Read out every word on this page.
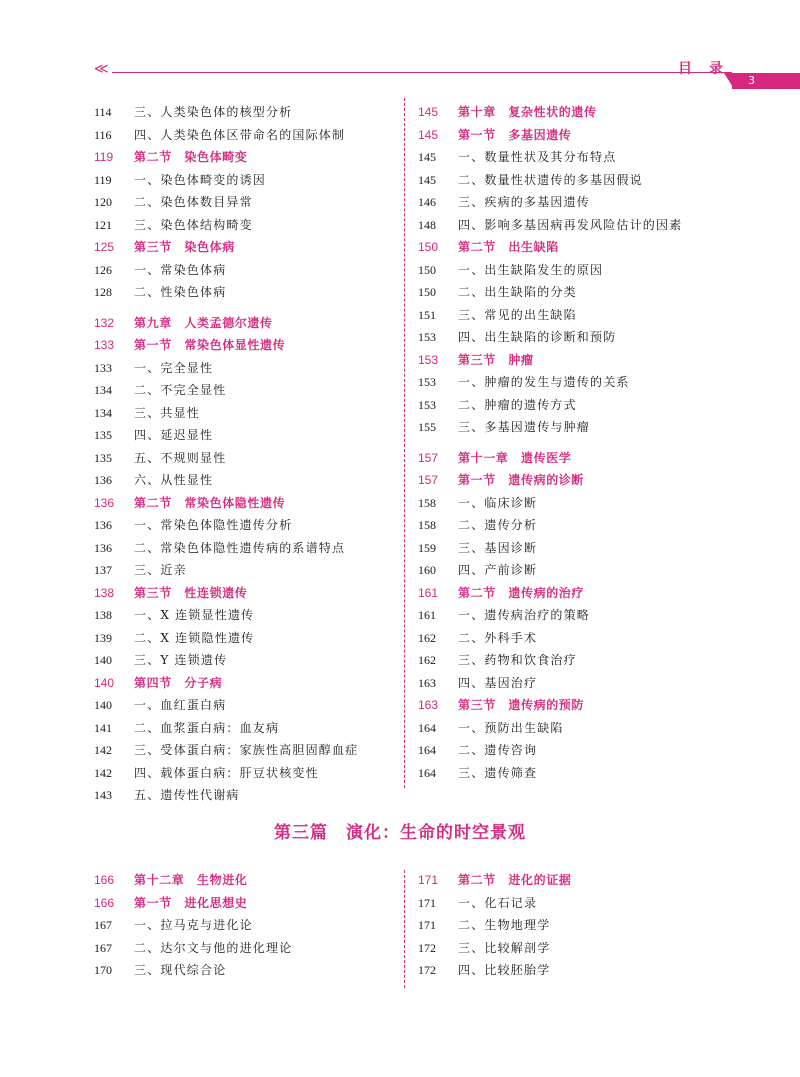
≪	目 录
3
114	三、人类染色体的核型分析
116	四、人类染色体区带命名的国际体制
119	第二节　染色体畸变
119	一、染色体畸变的诱因
120	二、染色体数目异常
121	三、染色体结构畸变
125	第三节　染色体病
126	一、常染色体病
128	二、性染色体病
132	第九章　人类孟德尔遗传
133	第一节　常染色体显性遗传
133	一、完全显性
134	二、不完全显性
134	三、共显性
135	四、延迟显性
135	五、不规则显性
136	六、从性显性
136	第二节　常染色体隐性遗传
136	一、常染色体隐性遗传分析
136	二、常染色体隐性遗传病的系谱特点
137	三、近亲
138	第三节　性连锁遗传
138	一、X 连锁显性遗传
139	二、X 连锁隐性遗传
140	三、Y 连锁遗传
140	第四节　分子病
140	一、血红蛋白病
141	二、血浆蛋白病：血友病
142	三、受体蛋白病：家族性高胆固醇血症
142	四、载体蛋白病：肝豆状核变性
143	五、遗传性代谢病
145	第十章　复杂性状的遗传
145	第一节　多基因遗传
145	一、数量性状及其分布特点
145	二、数量性状遗传的多基因假说
146	三、疾病的多基因遗传
148	四、影响多基因病再发风险估计的因素
150	第二节　出生缺陷
150	一、出生缺陷发生的原因
150	二、出生缺陷的分类
151	三、常见的出生缺陷
153	四、出生缺陷的诊断和预防
153	第三节　肿瘤
153	一、肿瘤的发生与遗传的关系
153	二、肿瘤的遗传方式
155	三、多基因遗传与肿瘤
157	第十一章　遗传医学
157	第一节　遗传病的诊断
158	一、临床诊断
158	二、遗传分析
159	三、基因诊断
160	四、产前诊断
161	第二节　遗传病的治疗
161	一、遗传病治疗的策略
162	二、外科手术
162	三、药物和饮食治疗
163	四、基因治疗
163	第三节　遗传病的预防
164	一、预防出生缺陷
164	二、遗传咨询
164	三、遗传筛查
第三篇　演化：生命的时空景观
166	第十二章　生物进化
166	第一节　进化思想史
167	一、拉马克与进化论
167	二、达尔文与他的进化理论
170	三、现代综合论
171	第二节　进化的证据
171	一、化石记录
171	二、生物地理学
172	三、比较解剖学
172	四、比较胚胎学
